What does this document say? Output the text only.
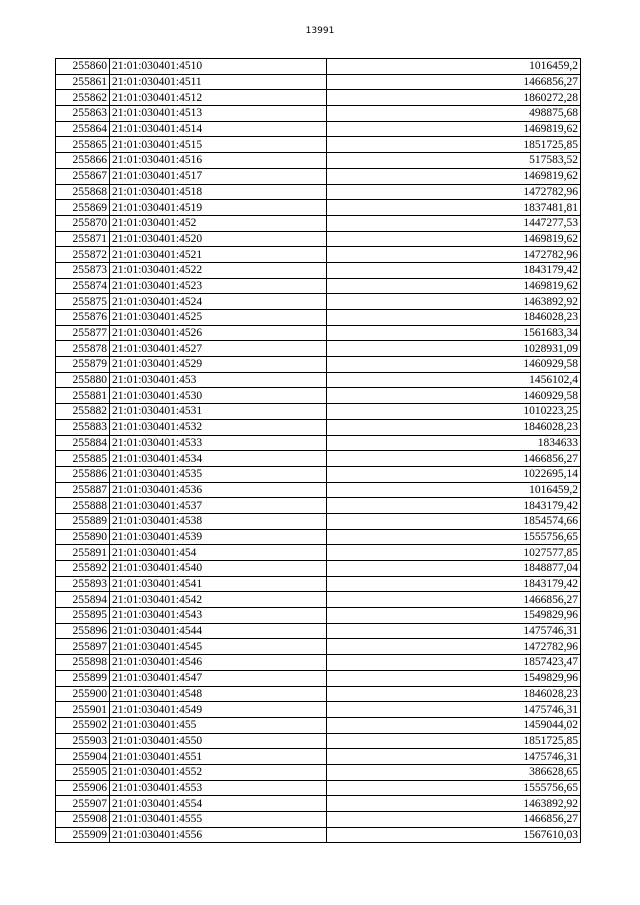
13991
255860	21:01:030401:4510	1016459,2
255861	21:01:030401:4511	1466856,27
255862	21:01:030401:4512	1860272,28
255863	21:01:030401:4513	498875,68
255864	21:01:030401:4514	1469819,62
255865	21:01:030401:4515	1851725,85
255866	21:01:030401:4516	517583,52
255867	21:01:030401:4517	1469819,62
255868	21:01:030401:4518	1472782,96
255869	21:01:030401:4519	1837481,81
255870	21:01:030401:452	1447277,53
255871	21:01:030401:4520	1469819,62
255872	21:01:030401:4521	1472782,96
255873	21:01:030401:4522	1843179,42
255874	21:01:030401:4523	1469819,62
255875	21:01:030401:4524	1463892,92
255876	21:01:030401:4525	1846028,23
255877	21:01:030401:4526	1561683,34
255878	21:01:030401:4527	1028931,09
255879	21:01:030401:4529	1460929,58
255880	21:01:030401:453	1456102,4
255881	21:01:030401:4530	1460929,58
255882	21:01:030401:4531	1010223,25
255883	21:01:030401:4532	1846028,23
255884	21:01:030401:4533	1834633
255885	21:01:030401:4534	1466856,27
255886	21:01:030401:4535	1022695,14
255887	21:01:030401:4536	1016459,2
255888	21:01:030401:4537	1843179,42
255889	21:01:030401:4538	1854574,66
255890	21:01:030401:4539	1555756,65
255891	21:01:030401:454	1027577,85
255892	21:01:030401:4540	1848877,04
255893	21:01:030401:4541	1843179,42
255894	21:01:030401:4542	1466856,27
255895	21:01:030401:4543	1549829,96
255896	21:01:030401:4544	1475746,31
255897	21:01:030401:4545	1472782,96
255898	21:01:030401:4546	1857423,47
255899	21:01:030401:4547	1549829,96
255900	21:01:030401:4548	1846028,23
255901	21:01:030401:4549	1475746,31
255902	21:01:030401:455	1459044,02
255903	21:01:030401:4550	1851725,85
255904	21:01:030401:4551	1475746,31
255905	21:01:030401:4552	386628,65
255906	21:01:030401:4553	1555756,65
255907	21:01:030401:4554	1463892,92
255908	21:01:030401:4555	1466856,27
255909	21:01:030401:4556	1567610,03
